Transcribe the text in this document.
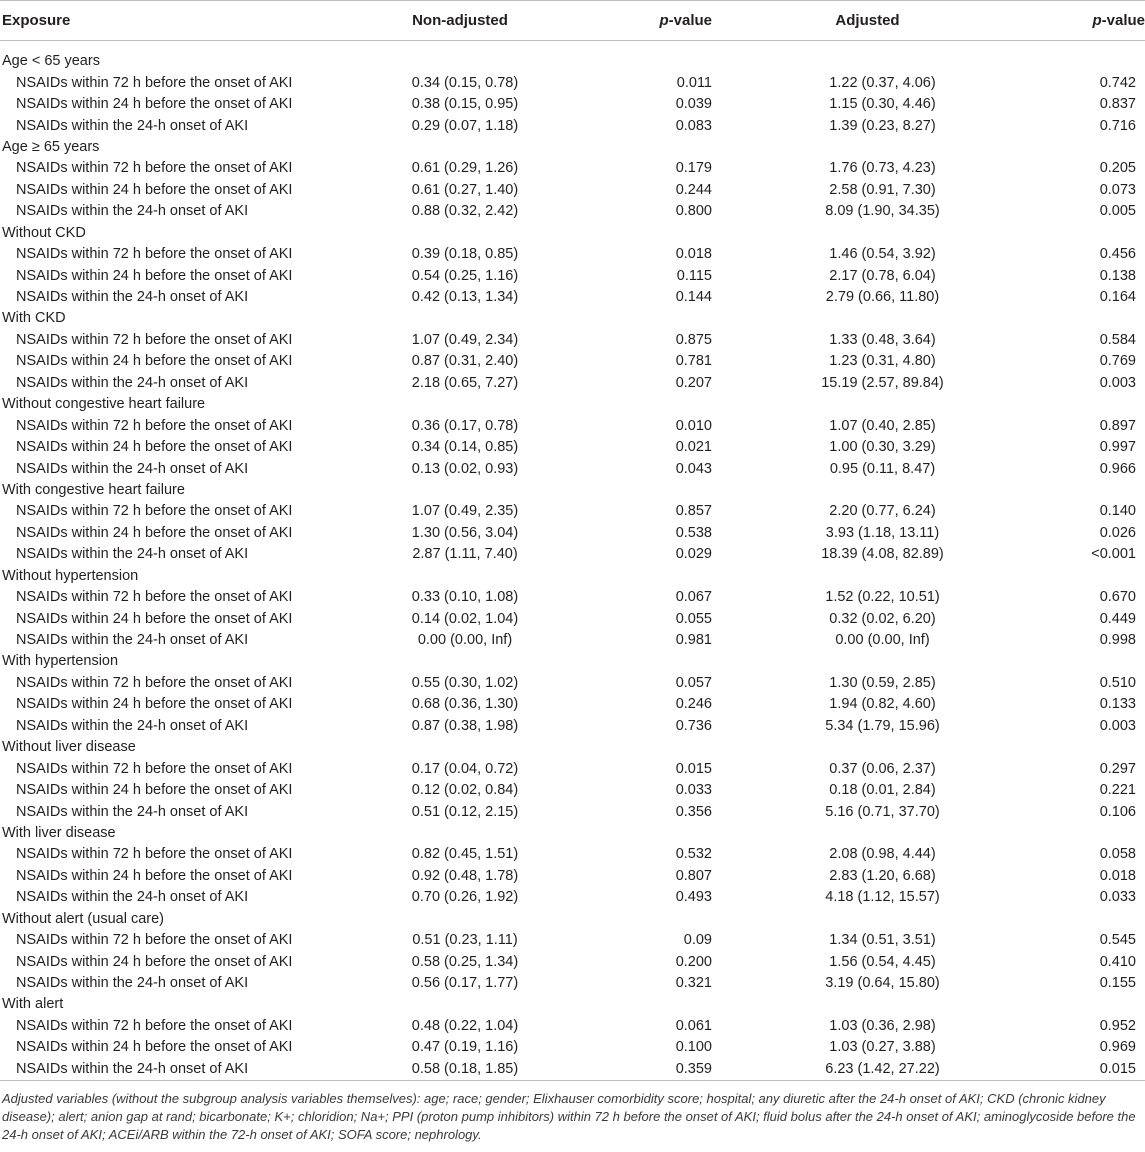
Exposure	Non-adjusted	p-value	Adjusted	p-value

Age < 65 years				
NSAIDs within 72 h before the onset of AKI	0.34 (0.15, 0.78)	0.011	1.22 (0.37, 4.06)	0.742
NSAIDs within 24 h before the onset of AKI	0.38 (0.15, 0.95)	0.039	1.15 (0.30, 4.46)	0.837
NSAIDs within the 24-h onset of AKI	0.29 (0.07, 1.18)	0.083	1.39 (0.23, 8.27)	0.716
Age ≥ 65 years				
NSAIDs within 72 h before the onset of AKI	0.61 (0.29, 1.26)	0.179	1.76 (0.73, 4.23)	0.205
NSAIDs within 24 h before the onset of AKI	0.61 (0.27, 1.40)	0.244	2.58 (0.91, 7.30)	0.073
NSAIDs within the 24-h onset of AKI	0.88 (0.32, 2.42)	0.800	8.09 (1.90, 34.35)	0.005
Without CKD				
NSAIDs within 72 h before the onset of AKI	0.39 (0.18, 0.85)	0.018	1.46 (0.54, 3.92)	0.456
NSAIDs within 24 h before the onset of AKI	0.54 (0.25, 1.16)	0.115	2.17 (0.78, 6.04)	0.138
NSAIDs within the 24-h onset of AKI	0.42 (0.13, 1.34)	0.144	2.79 (0.66, 11.80)	0.164
With CKD				
NSAIDs within 72 h before the onset of AKI	1.07 (0.49, 2.34)	0.875	1.33 (0.48, 3.64)	0.584
NSAIDs within 24 h before the onset of AKI	0.87 (0.31, 2.40)	0.781	1.23 (0.31, 4.80)	0.769
NSAIDs within the 24-h onset of AKI	2.18 (0.65, 7.27)	0.207	15.19 (2.57, 89.84)	0.003
Without congestive heart failure				
NSAIDs within 72 h before the onset of AKI	0.36 (0.17, 0.78)	0.010	1.07 (0.40, 2.85)	0.897
NSAIDs within 24 h before the onset of AKI	0.34 (0.14, 0.85)	0.021	1.00 (0.30, 3.29)	0.997
NSAIDs within the 24-h onset of AKI	0.13 (0.02, 0.93)	0.043	0.95 (0.11, 8.47)	0.966
With congestive heart failure				
NSAIDs within 72 h before the onset of AKI	1.07 (0.49, 2.35)	0.857	2.20 (0.77, 6.24)	0.140
NSAIDs within 24 h before the onset of AKI	1.30 (0.56, 3.04)	0.538	3.93 (1.18, 13.11)	0.026
NSAIDs within the 24-h onset of AKI	2.87 (1.11, 7.40)	0.029	18.39 (4.08, 82.89)	<0.001
Without hypertension				
NSAIDs within 72 h before the onset of AKI	0.33 (0.10, 1.08)	0.067	1.52 (0.22, 10.51)	0.670
NSAIDs within 24 h before the onset of AKI	0.14 (0.02, 1.04)	0.055	0.32 (0.02, 6.20)	0.449
NSAIDs within the 24-h onset of AKI	0.00 (0.00, Inf)	0.981	0.00 (0.00, Inf)	0.998
With hypertension				
NSAIDs within 72 h before the onset of AKI	0.55 (0.30, 1.02)	0.057	1.30 (0.59, 2.85)	0.510
NSAIDs within 24 h before the onset of AKI	0.68 (0.36, 1.30)	0.246	1.94 (0.82, 4.60)	0.133
NSAIDs within the 24-h onset of AKI	0.87 (0.38, 1.98)	0.736	5.34 (1.79, 15.96)	0.003
Without liver disease				
NSAIDs within 72 h before the onset of AKI	0.17 (0.04, 0.72)	0.015	0.37 (0.06, 2.37)	0.297
NSAIDs within 24 h before the onset of AKI	0.12 (0.02, 0.84)	0.033	0.18 (0.01, 2.84)	0.221
NSAIDs within the 24-h onset of AKI	0.51 (0.12, 2.15)	0.356	5.16 (0.71, 37.70)	0.106
With liver disease				
NSAIDs within 72 h before the onset of AKI	0.82 (0.45, 1.51)	0.532	2.08 (0.98, 4.44)	0.058
NSAIDs within 24 h before the onset of AKI	0.92 (0.48, 1.78)	0.807	2.83 (1.20, 6.68)	0.018
NSAIDs within the 24-h onset of AKI	0.70 (0.26, 1.92)	0.493	4.18 (1.12, 15.57)	0.033
Without alert (usual care)				
NSAIDs within 72 h before the onset of AKI	0.51 (0.23, 1.11)	0.09	1.34 (0.51, 3.51)	0.545
NSAIDs within 24 h before the onset of AKI	0.58 (0.25, 1.34)	0.200	1.56 (0.54, 4.45)	0.410
NSAIDs within the 24-h onset of AKI	0.56 (0.17, 1.77)	0.321	3.19 (0.64, 15.80)	0.155
With alert				
NSAIDs within 72 h before the onset of AKI	0.48 (0.22, 1.04)	0.061	1.03 (0.36, 2.98)	0.952
NSAIDs within 24 h before the onset of AKI	0.47 (0.19, 1.16)	0.100	1.03 (0.27, 3.88)	0.969
NSAIDs within the 24-h onset of AKI	0.58 (0.18, 1.85)	0.359	6.23 (1.42, 27.22)	0.015
Adjusted variables (without the subgroup analysis variables themselves): age; race; gender; Elixhauser comorbidity score; hospital; any diuretic after the 24-h onset of AKI; CKD (chronic kidney disease); alert; anion gap at rand; bicarbonate; K+; chloridion; Na+; PPI (proton pump inhibitors) within 72 h before the onset of AKI; fluid bolus after the 24-h onset of AKI; aminoglycoside before the 24-h onset of AKI; ACEi/ARB within the 72-h onset of AKI; SOFA score; nephrology.
